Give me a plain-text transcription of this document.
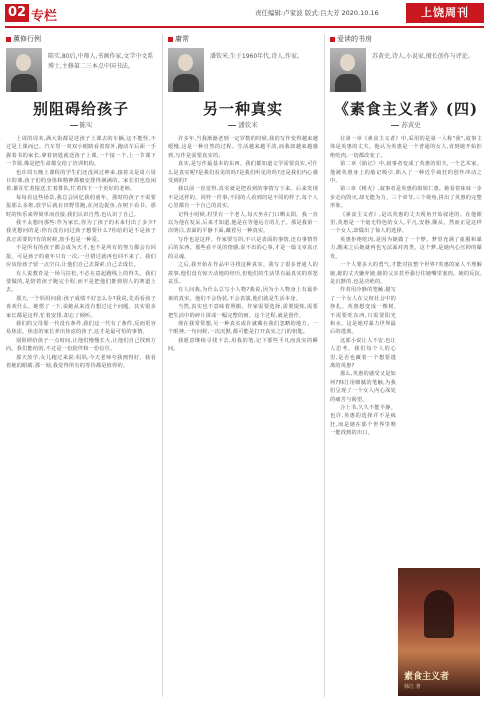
02 专栏	责任编辑:卢家波 版式:吕大芳 2020.10.16	上饶周刊
薰修行例
陈实,80后,中师人,书画作家,文学中文系博士,主修第二三本点中国书法。
别阻碍给孩子
陈实

上周的周末,满大街都是送孩子上课去的车辆,这不能怪,不过是上课而已。汽车里一双双小眼睛看着窗外,跑动车后面一手握着书的家长,拿着钥匙就送孩子上课,一个接一个,上一节课下一节课,像是把生命都交给了培训机构。

也许周五晚上课程的学生们还没回过神来,接着又是周六周日的课,孩子们的身体和精神都被安排得满满的。家长们也没闲着,都在忙着接送,忙着排队,忙着找下一个更好的老师。

每每看这些场景,我总会回忆我的童年。那时的孩子不需要报那么多班,放学后就在田野里跑,在河边捉鱼,在树下看书。那时的快乐来得简单而直接,我们认识自然,也认识了自己。

我不太想问那些:作为家长,你为了孩子的未来付出了多少?我更想问的是:你有没有问过孩子想要什么?你给的是不是孩子真正需要的?有的时候,放手也是一种爱。

不是所有的孩子都会成为天才,也不是所有的努力都会有回报。可是孩子的童年只有一次,一旦错过就再也回不来了。我们应该给孩子留一点空白,让他们自己去探索,自己去成长。

有人说教育是一场马拉松,不必在意起跑线上的得失。我们要做的,是陪着孩子跑完全程,而不是把他们推到别人的赛道上去。

那天,一个妈妈问我:孩子成绩不好怎么办?我说,先看看孩子喜欢什么。她愣了一下,说她从来没有想过这个问题。其实很多家长都是这样,忙着安排,却忘了倾听。

我们的父母那一代没有条件,我们这一代有了条件,反而更容易焦虑。焦虑的家长养出焦虑的孩子,这才是最可怕的事情。

别阻碍给孩子一点时间,让他们慢慢长大,让他们自己找到方向。我们能给的,不过是一份陪伴和一份信任。

那天放学,女儿跑过来说:妈妈,今天老师夸我画得好。我看着她的眼睛,那一刻,我觉得所有的等待都是值得的。

庸常
潘钦米,生于1960年代,诗人,作家。
另一种真实
潘钦米

许多年,当我渐渐老到一定岁数的时候,我的写作变得越来越缓慢,这是一种自然的过程。生活越来越平淡,而我却越来越感到,写作是需要真实的。

真实,是写作最基本的东西。我们都知道文学需要真实,可什么是真实呢?是我们看见的吗?是我们听见的吗?还是我们内心感受到的?

我以前一直觉得,真实就是把看到的事情写下来。后来发现不是这样的。同样一件事,不同的人看到的是不同的样子,每个人心里都有一个自己的真实。

记得小时候,村里有一个老人,每天坐在门口晒太阳。我一直以为他在发呆,后来才知道,他是在等他远方的儿子。那是我第一次明白,表面的平静下面,藏着另一种真实。

写作也是这样。作家要写的,不只是表面的事情,还有事情背后的东西。那些看不见的情感,说不出的心事,才是一篇文章真正的灵魂。

之后,我开始在作品中寻找这种真实。我写了很多普通人的故事,他们没有惊天动地的经历,但他们的生活里有最真实的喜怒哀乐。

有人问我,为什么总写小人物?我说,因为小人物身上有最朴素的真实。他们不会伪装,不会表演,他们就是生活本身。

当然,真实也不意味着照搬。作家需要选择,需要提炼,需要把生活中的碎片拼成一幅完整的画。这个过程,就是创作。

现在我常常想,另一种真实或许就藏在我们忽略的地方。一个眼神,一句问候,一次沉默,都可能是打开真实之门的钥匙。

我愿意继续寻找下去,用我的笔,记下那些平凡而真实的瞬间。

爱读的书房
苏黄史,诗人,小说家,擅长创作与评论。
《素食主义者》(四)
苏黄史

在第一章《素食主义者》中,采用的是第一人称"我",叙事主体是英惠的丈夫。他认为英惠是一个普通的女人,直到她开始拒绝吃肉,一切都改变了。

第二章《胎记》中,叙事者变成了英惠的姐夫,一个艺术家。他被英惠身上的胎记吸引,陷入了一种近乎疯狂的创作冲动之中。

第三章《树火》,叙事者是英惠的姐姐仁惠。她看着妹妹一步步走向毁灭,却无能为力。三个章节,三个视角,拼出了英惠的完整形象。

《素食主义者》,是以英惠的丈夫视角开始叙述的。在他眼里,英惠是一个毫无特色的女人,平凡,安静,顺从。然而正是这样一个女人,却做出了惊人的选择。

英惠拒绝吃肉,是因为她做了一个梦。梦里充满了血腥和暴力,醒来之后她就再也无法面对肉类。这个梦,是她内心压抑的爆发。

一个人要多大的勇气,才能对抗整个世界?英惠的家人不理解她,她的丈夫嫌弃她,她的父亲甚至强行往她嘴里塞肉。她的反抗,是沉默的,也是决绝的。

作者用冷静的笔触,描写了一个女人在父权社会中的挣扎。英惠想变成一棵树,不需要吃东西,只需要阳光和水。这是她对暴力世界最后的逃离。

这部小说让人不安,也让人思考。我们每个人的心里,是否也藏着一个想要逃离的英惠?

那么,英惠的感受又是如何?韩江用细腻的笔触,为我们呈现了一个女人内心深处的痛苦与渴望。

合上书,久久不能平静。也许,英惠的选择并不是疯狂,而是她在那个世界里唯一能找到的出口。

素食主义者
韩江 著
